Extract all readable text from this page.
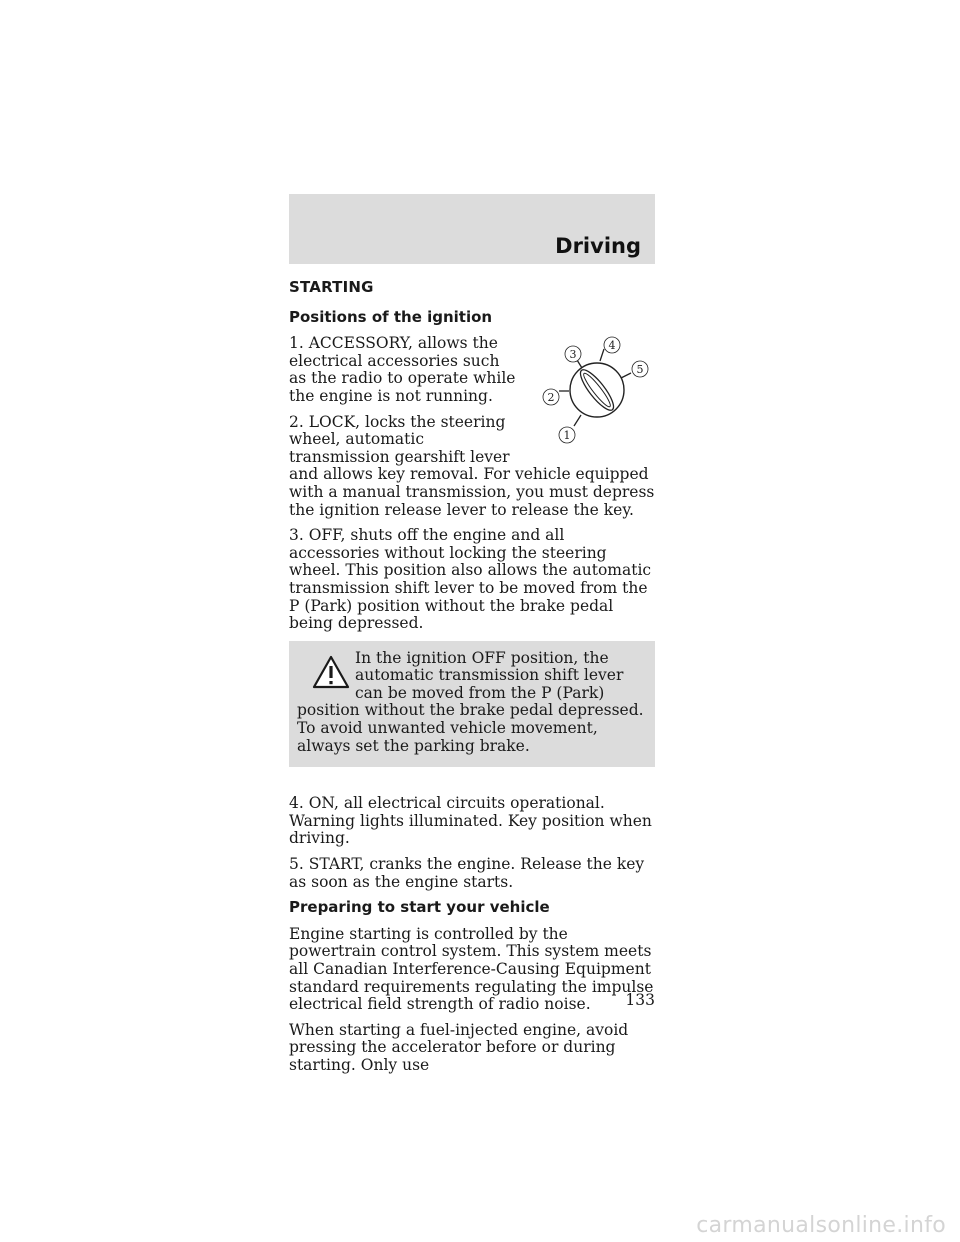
Driving
STARTING
Positions of the ignition
1
2
3
4
5

1. ACCESSORY, allows the electrical accessories such as the radio to operate while the engine is not running.

2. LOCK, locks the steering wheel, automatic transmission gearshift lever and allows key removal. For vehicle equipped with a manual transmission, you must depress the ignition release lever to release the key.

3. OFF, shuts off the engine and all accessories without locking the steering wheel. This position also allows the automatic transmission shift lever to be moved from the P (Park) position without the brake pedal being depressed.

In the ignition OFF position, the automatic transmission shift lever can be moved from the P (Park) position without the brake pedal depressed. To avoid unwanted vehicle movement, always set the parking brake.

4. ON, all electrical circuits operational. Warning lights illuminated. Key position when driving.

5. START, cranks the engine. Release the key as soon as the engine starts.

Preparing to start your vehicle

Engine starting is controlled by the powertrain control system. This system meets all Canadian Interference-Causing Equipment standard requirements regulating the impulse electrical field strength of radio noise.

When starting a fuel-injected engine, avoid pressing the accelerator before or during starting. Only use

133

carmanualsonline.info
